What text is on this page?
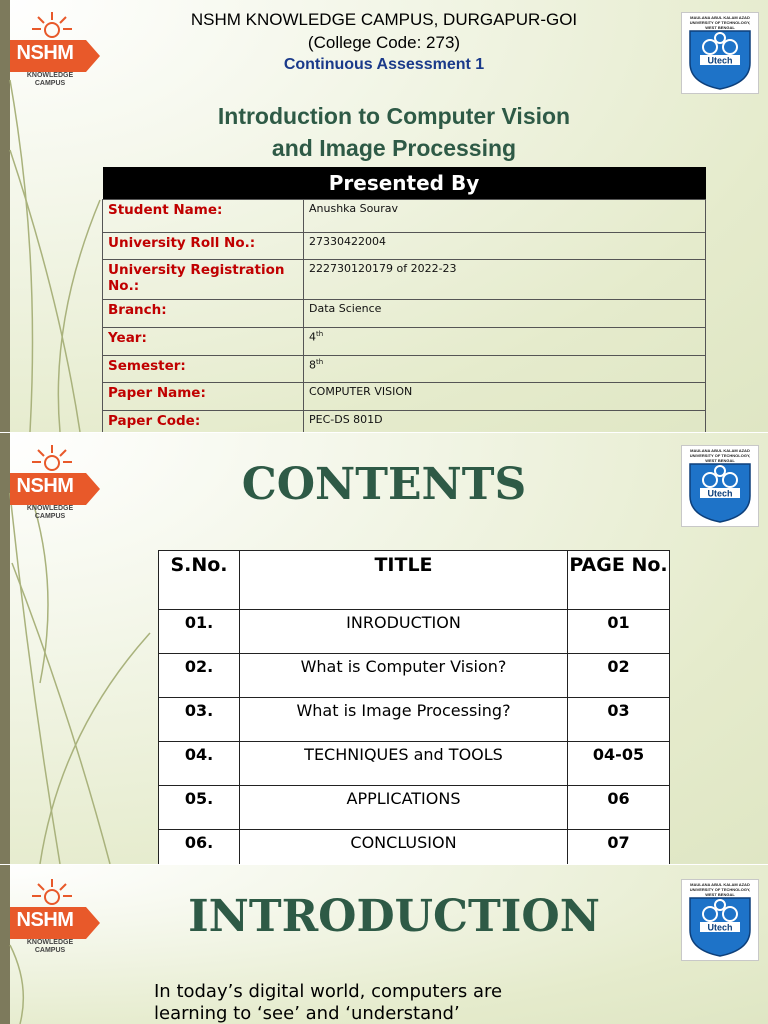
NSHM
KNOWLEDGE
CAMPUS
MAULANA ABUL KALAM AZAD UNIVERSITY OF TECHNOLOGY, WEST BENGAL
Utech
NSHM KNOWLEDGE CAMPUS, DURGAPUR-GOI
(College Code: 273)
Continuous Assessment 1
Introduction to Computer Vision
and Image Processing
Presented By	
Student Name:	Anushka Sourav
University Roll No.:	27330422004
University Registration No.:	222730120179 of 2022-23
Branch:	Data Science
Year:	4th
Semester:	8th
Paper Name:	COMPUTER VISION
Paper Code:	PEC-DS 801D
NSHM
KNOWLEDGE
CAMPUS
MAULANA ABUL KALAM AZAD UNIVERSITY OF TECHNOLOGY, WEST BENGAL
Utech
CONTENTS
S.No.	TITLE	PAGE No.
01.	INRODUCTION	01
02.	What is Computer Vision?	02
03.	What is Image Processing?	03
04.	TECHNIQUES and TOOLS	04-05
05.	APPLICATIONS	06
06.	CONCLUSION	07
NSHM
KNOWLEDGE
CAMPUS
MAULANA ABUL KALAM AZAD UNIVERSITY OF TECHNOLOGY, WEST BENGAL
Utech
INTRODUCTION
In today’s digital world, computers are
learning to ‘see’ and ‘understand’
